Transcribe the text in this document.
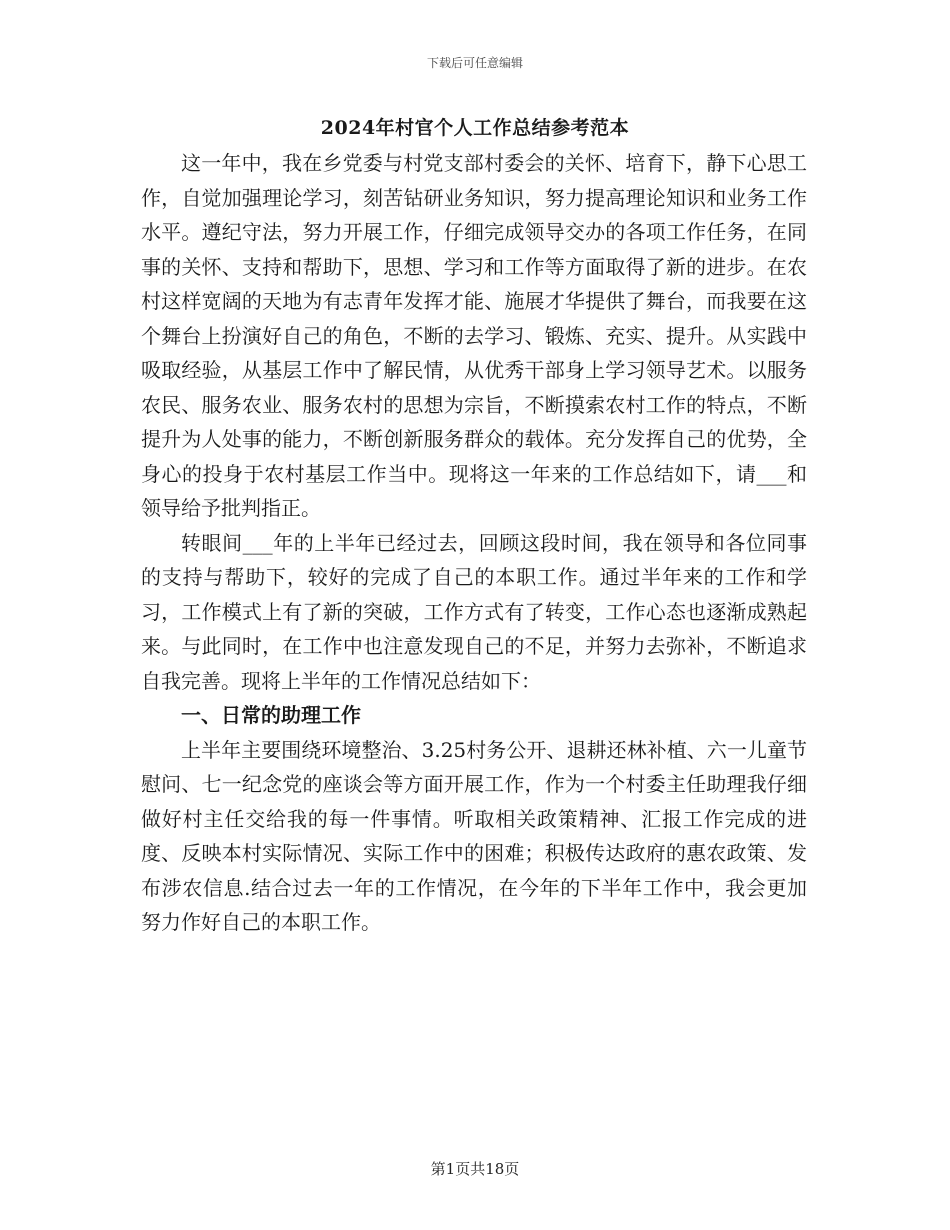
下载后可任意编辑
2024年村官个人工作总结参考范本

这一年中，我在乡党委与村党支部村委会的关怀、培育下，静下心思工作，自觉加强理论学习，刻苦钻研业务知识，努力提高理论知识和业务工作水平。遵纪守法，努力开展工作，仔细完成领导交办的各项工作任务，在同事的关怀、支持和帮助下，思想、学习和工作等方面取得了新的进步。在农村这样宽阔的天地为有志青年发挥才能、施展才华提供了舞台，而我要在这个舞台上扮演好自己的角色，不断的去学习、锻炼、充实、提升。从实践中吸取经验，从基层工作中了解民情，从优秀干部身上学习领导艺术。以服务农民、服务农业、服务农村的思想为宗旨，不断摸索农村工作的特点，不断提升为人处事的能力，不断创新服务群众的载体。充分发挥自己的优势，全身心的投身于农村基层工作当中。现将这一年来的工作总结如下，请___和领导给予批判指正。

转眼间___年的上半年已经过去，回顾这段时间，我在领导和各位同事的支持与帮助下，较好的完成了自己的本职工作。通过半年来的工作和学习，工作模式上有了新的突破，工作方式有了转变，工作心态也逐渐成熟起来。与此同时，在工作中也注意发现自己的不足，并努力去弥补，不断追求自我完善。现将上半年的工作情况总结如下：

一、日常的助理工作

上半年主要围绕环境整治、3.25村务公开、退耕还林补植、六一儿童节慰问、七一纪念党的座谈会等方面开展工作，作为一个村委主任助理我仔细做好村主任交给我的每一件事情。听取相关政策精神、汇报工作完成的进度、反映本村实际情况、实际工作中的困难；积极传达政府的惠农政策、发布涉农信息.结合过去一年的工作情况，在今年的下半年工作中，我会更加努力作好自己的本职工作。

第1页共18页
